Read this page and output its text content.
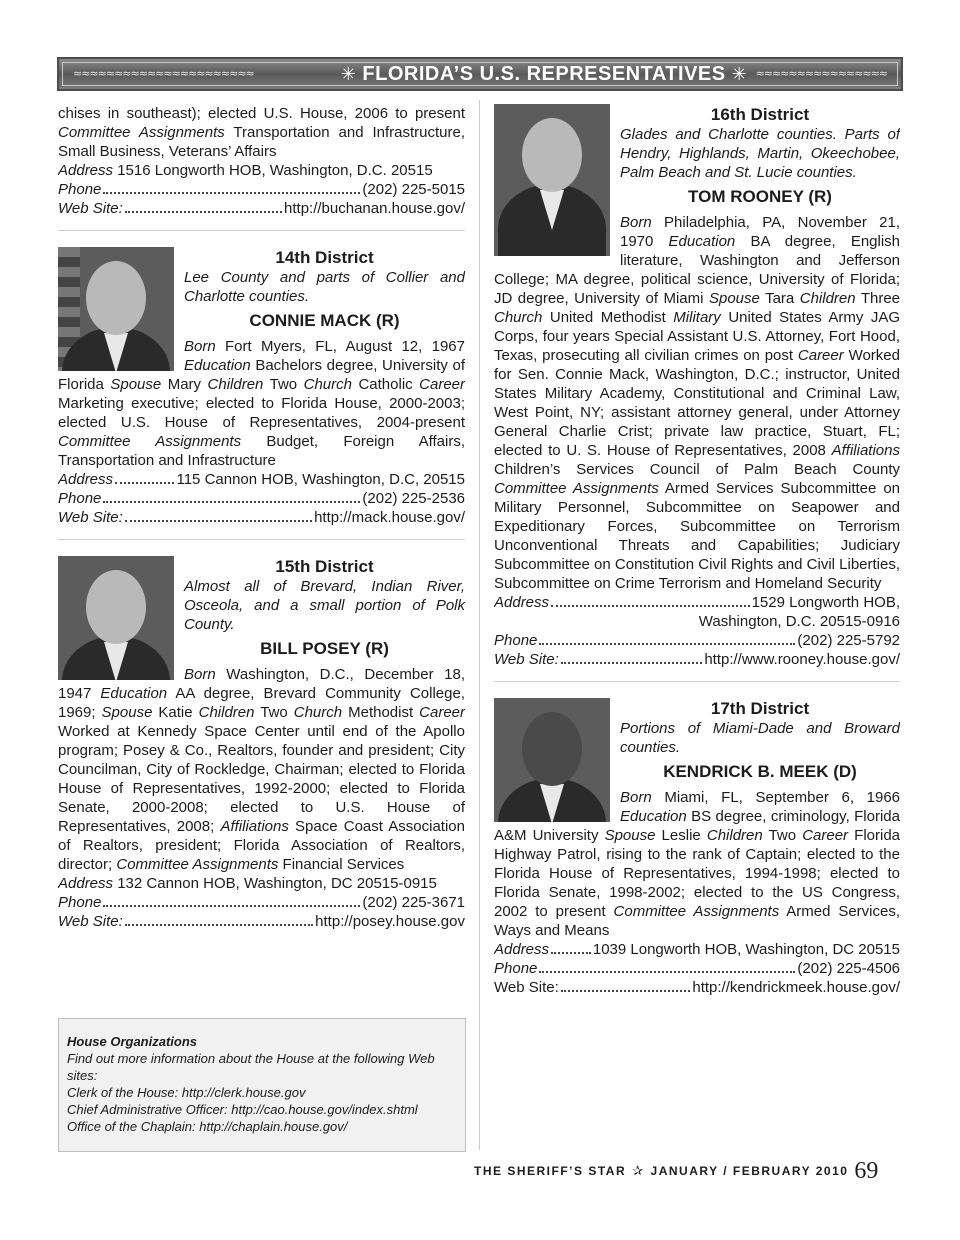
≈≈≈≈≈≈≈≈≈≈≈≈≈≈≈≈≈≈≈≈≈≈	✳ FLORIDA’S U.S. REPRESENTATIVES ✳ ≈≈≈≈≈≈≈≈≈≈≈≈≈≈≈≈

chises in southeast); elected U.S. House, 2006 to present Committee Assignments Transportation and Infrastructure, Small Business, Veterans’ Affairs

Address 1516 Longworth HOB, Washington, D.C. 20515

Phone	(202) 225-5015
Web Site:	http://buchanan.house.gov/
14th District

Lee County and parts of Collier and Charlotte counties.

CONNIE MACK (R)

Born Fort Myers, FL, August 12, 1967 Education Bachelors degree, University of Florida Spouse Mary Children Two Church Catholic Career Marketing executive; elected to Florida House, 2000-2003; elected U.S. House of Representatives, 2004-present Committee Assignments Budget, Foreign Affairs, Transportation and Infrastructure

Address	115 Cannon HOB, Washington, D.C, 20515
Phone	(202) 225-2536
Web Site:	http://mack.house.gov/
15th District

Almost all of Brevard, Indian River, Osceola, and a small portion of Polk County.

BILL POSEY (R)

Born Washington, D.C., December 18, 1947 Education AA degree, Brevard Community College, 1969; Spouse Katie Children Two Church Methodist Career Worked at Kennedy Space Center until end of the Apollo program; Posey & Co., Realtors, founder and president; City Councilman, City of Rockledge, Chairman; elected to Florida House of Representatives, 1992-2000; elected to Florida Senate, 2000-2008; elected to U.S. House of Representatives, 2008; Affiliations Space Coast Association of Realtors, president; Florida Association of Realtors, director; Committee Assignments Financial Services

Address 132 Cannon HOB, Washington, DC 20515-0915

Phone	(202) 225-3671
Web Site:	http://posey.house.gov
House Organizations
Find out more information about the House at the following Web sites:
Clerk of the House: http://clerk.house.gov
Chief Administrative Officer: http://cao.house.gov/index.shtml
Office of the Chaplain: http://chaplain.house.gov/
16th District

Glades and Charlotte counties. Parts of Hendry, Highlands, Martin, Okeechobee, Palm Beach and St. Lucie counties.

TOM ROONEY (R)

Born Philadelphia, PA, November 21, 1970 Education BA degree, English literature, Washington and Jefferson College; MA degree, political science, University of Florida; JD degree, University of Miami Spouse Tara Children Three Church United Methodist Military United States Army JAG Corps, four years Special Assistant U.S. Attorney, Fort Hood, Texas, prosecuting all civilian crimes on post Career Worked for Sen. Connie Mack, Washington, D.C.; instructor, United States Military Academy, Constitutional and Criminal Law, West Point, NY; assistant attorney general, under Attorney General Charlie Crist; private law practice, Stuart, FL; elected to U. S. House of Representatives, 2008 Affiliations Children’s Services Council of Palm Beach County Committee Assignments Armed Services Subcommittee on Military Personnel, Subcommittee on Seapower and Expeditionary Forces, Subcommittee on Terrorism Unconventional Threats and Capabilities; Judiciary Subcommittee on Constitution Civil Rights and Civil Liberties, Subcommittee on Crime Terrorism and Homeland Security

Address	1529 Longworth HOB,

Washington, D.C. 20515-0916

Phone	(202) 225-5792
Web Site:	http://www.rooney.house.gov/
17th District

Portions of Miami-Dade and Broward counties.

KENDRICK B. MEEK (D)

Born Miami, FL, September 6, 1966 Education BS degree, criminology, Florida A&M University Spouse Leslie Children Two Career Florida Highway Patrol, rising to the rank of Captain; elected to the Florida House of Representatives, 1994-1998; elected to Florida Senate, 1998-2002; elected to the US Congress, 2002 to present Committee Assignments Armed Services, Ways and Means

Address	1039 Longworth HOB, Washington, DC 20515
Phone	(202) 225-4506
Web Site:	http://kendrickmeek.house.gov/
THE SHERIFF’S STAR ✰ JANUARY / FEBRUARY 2010 69
